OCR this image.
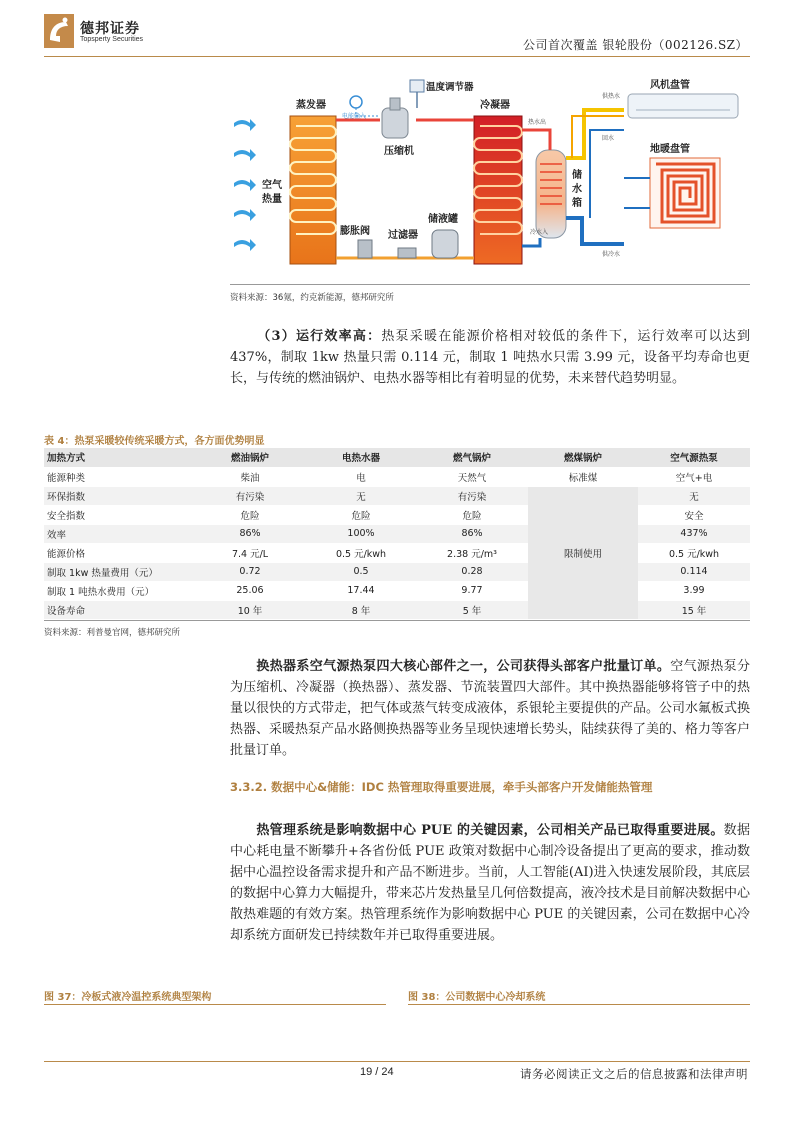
德邦证券
Topsperty Securities	公司首次覆盖 银轮股份（002126.SZ）
蒸发器	冷凝器
温度调节器
压缩机
电能输入
热水出
储
水
箱
空气
热量
膨胀阀 过滤器
储液罐
冷水入
供热水
供冷水
回水
风机盘管
地暖盘管
资料来源：36氪，约克新能源，德邦研究所
（3）运行效率高：热泵采暖在能源价格相对较低的条件下，运行效率可以达到 437%，制取 1kw 热量只需 0.114 元，制取 1 吨热水只需 3.99 元，设备平均寿命也更长，与传统的燃油锅炉、电热水器等相比有着明显的优势，未来替代趋势明显。
表 4：热泵采暖较传统采暖方式，各方面优势明显
加热方式	燃油锅炉	电热水器	燃气锅炉	燃煤锅炉	空气源热泵
能源种类	柴油	电	天然气	标准煤	空气+电
环保指数	有污染	无	有污染	限制使用	无
安全指数	危险	危险	危险		安全
效率	86%	100%	86%		437%
能源价格	7.4 元/L	0.5 元/kwh	2.38 元/m³		0.5 元/kwh
制取 1kw 热量费用（元）	0.72	0.5	0.28		0.114
制取 1 吨热水费用（元）	25.06	17.44	9.77		3.99
设备寿命	10 年	8 年	5 年		15 年
资料来源：利普曼官网，德邦研究所
换热器系空气源热泵四大核心部件之一，公司获得头部客户批量订单。空气源热泵分为压缩机、冷凝器（换热器）、蒸发器、节流装置四大部件。其中换热器能够将管子中的热量以很快的方式带走，把气体或蒸气转变成液体，系银轮主要提供的产品。公司水氟板式换热器、采暖热泵产品水路侧换热器等业务呈现快速增长势头，陆续获得了美的、格力等客户批量订单。
3.3.2. 数据中心&储能：IDC 热管理取得重要进展，牵手头部客户开发储能热管理
热管理系统是影响数据中心 PUE 的关键因素，公司相关产品已取得重要进展。数据中心耗电量不断攀升+各省份低 PUE 政策对数据中心制冷设备提出了更高的要求，推动数据中心温控设备需求提升和产品不断进步。当前，人工智能(AI)进入快速发展阶段，其底层的数据中心算力大幅提升，带来芯片发热量呈几何倍数提高，液冷技术是目前解决数据中心散热难题的有效方案。热管理系统作为影响数据中心 PUE 的关键因素，公司在数据中心冷却系统方面研发已持续数年并已取得重要进展。
图 37：冷板式液冷温控系统典型架构	图 38：公司数据中心冷却系统
19 / 24	请务必阅读正文之后的信息披露和法律声明
